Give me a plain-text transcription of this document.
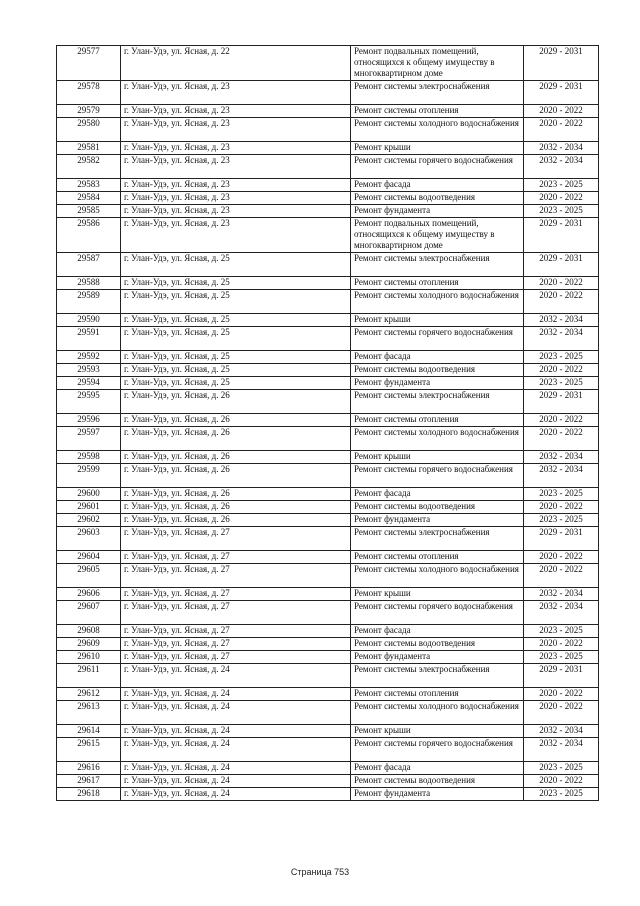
29577	г. Улан-Удэ, ул. Ясная, д. 22	Ремонт подвальных помещений, относящихся к общему имуществу в многоквартирном доме	2029 - 2031
29578	г. Улан-Удэ, ул. Ясная, д. 23	Ремонт системы электроснабжения	2029 - 2031
29579	г. Улан-Удэ, ул. Ясная, д. 23	Ремонт системы отопления	2020 - 2022
29580	г. Улан-Удэ, ул. Ясная, д. 23	Ремонт системы холодного водоснабжения	2020 - 2022
29581	г. Улан-Удэ, ул. Ясная, д. 23	Ремонт крыши	2032 - 2034
29582	г. Улан-Удэ, ул. Ясная, д. 23	Ремонт системы горячего водоснабжения	2032 - 2034
29583	г. Улан-Удэ, ул. Ясная, д. 23	Ремонт фасада	2023 - 2025
29584	г. Улан-Удэ, ул. Ясная, д. 23	Ремонт системы водоотведения	2020 - 2022
29585	г. Улан-Удэ, ул. Ясная, д. 23	Ремонт фундамента	2023 - 2025
29586	г. Улан-Удэ, ул. Ясная, д. 23	Ремонт подвальных помещений, относящихся к общему имуществу в многоквартирном доме	2029 - 2031
29587	г. Улан-Удэ, ул. Ясная, д. 25	Ремонт системы электроснабжения	2029 - 2031
29588	г. Улан-Удэ, ул. Ясная, д. 25	Ремонт системы отопления	2020 - 2022
29589	г. Улан-Удэ, ул. Ясная, д. 25	Ремонт системы холодного водоснабжения	2020 - 2022
29590	г. Улан-Удэ, ул. Ясная, д. 25	Ремонт крыши	2032 - 2034
29591	г. Улан-Удэ, ул. Ясная, д. 25	Ремонт системы горячего водоснабжения	2032 - 2034
29592	г. Улан-Удэ, ул. Ясная, д. 25	Ремонт фасада	2023 - 2025
29593	г. Улан-Удэ, ул. Ясная, д. 25	Ремонт системы водоотведения	2020 - 2022
29594	г. Улан-Удэ, ул. Ясная, д. 25	Ремонт фундамента	2023 - 2025
29595	г. Улан-Удэ, ул. Ясная, д. 26	Ремонт системы электроснабжения	2029 - 2031
29596	г. Улан-Удэ, ул. Ясная, д. 26	Ремонт системы отопления	2020 - 2022
29597	г. Улан-Удэ, ул. Ясная, д. 26	Ремонт системы холодного водоснабжения	2020 - 2022
29598	г. Улан-Удэ, ул. Ясная, д. 26	Ремонт крыши	2032 - 2034
29599	г. Улан-Удэ, ул. Ясная, д. 26	Ремонт системы горячего водоснабжения	2032 - 2034
29600	г. Улан-Удэ, ул. Ясная, д. 26	Ремонт фасада	2023 - 2025
29601	г. Улан-Удэ, ул. Ясная, д. 26	Ремонт системы водоотведения	2020 - 2022
29602	г. Улан-Удэ, ул. Ясная, д. 26	Ремонт фундамента	2023 - 2025
29603	г. Улан-Удэ, ул. Ясная, д. 27	Ремонт системы электроснабжения	2029 - 2031
29604	г. Улан-Удэ, ул. Ясная, д. 27	Ремонт системы отопления	2020 - 2022
29605	г. Улан-Удэ, ул. Ясная, д. 27	Ремонт системы холодного водоснабжения	2020 - 2022
29606	г. Улан-Удэ, ул. Ясная, д. 27	Ремонт крыши	2032 - 2034
29607	г. Улан-Удэ, ул. Ясная, д. 27	Ремонт системы горячего водоснабжения	2032 - 2034
29608	г. Улан-Удэ, ул. Ясная, д. 27	Ремонт фасада	2023 - 2025
29609	г. Улан-Удэ, ул. Ясная, д. 27	Ремонт системы водоотведения	2020 - 2022
29610	г. Улан-Удэ, ул. Ясная, д. 27	Ремонт фундамента	2023 - 2025
29611	г. Улан-Удэ, ул. Ясная, д. 24	Ремонт системы электроснабжения	2029 - 2031
29612	г. Улан-Удэ, ул. Ясная, д. 24	Ремонт системы отопления	2020 - 2022
29613	г. Улан-Удэ, ул. Ясная, д. 24	Ремонт системы холодного водоснабжения	2020 - 2022
29614	г. Улан-Удэ, ул. Ясная, д. 24	Ремонт крыши	2032 - 2034
29615	г. Улан-Удэ, ул. Ясная, д. 24	Ремонт системы горячего водоснабжения	2032 - 2034
29616	г. Улан-Удэ, ул. Ясная, д. 24	Ремонт фасада	2023 - 2025
29617	г. Улан-Удэ, ул. Ясная, д. 24	Ремонт системы водоотведения	2020 - 2022
29618	г. Улан-Удэ, ул. Ясная, д. 24	Ремонт фундамента	2023 - 2025
Страница 753
